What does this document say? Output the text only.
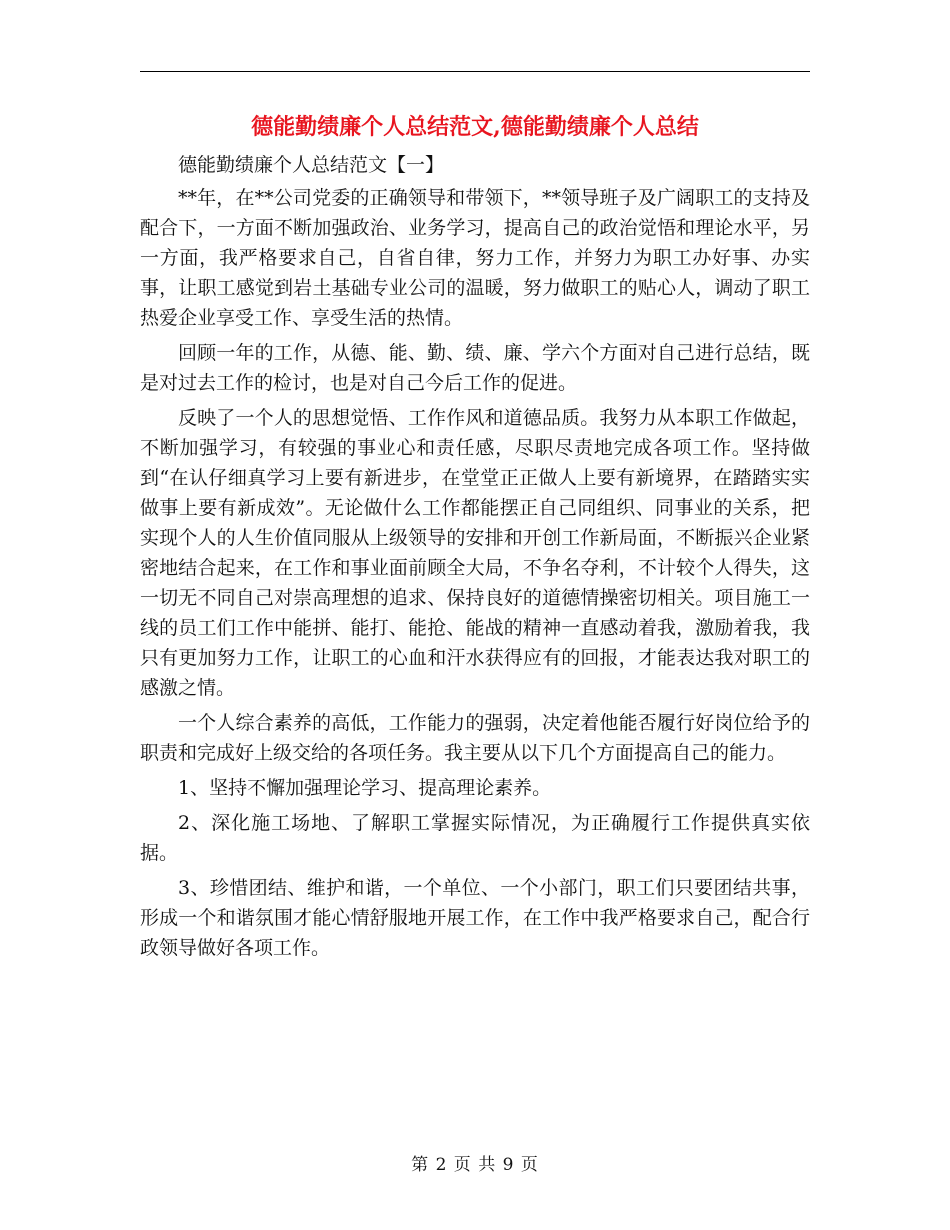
德能勤绩廉个人总结范文,德能勤绩廉个人总结

德能勤绩廉个人总结范文【一】

**年，在**公司党委的正确领导和带领下，**领导班子及广阔职工的支持及配合下，一方面不断加强政治、业务学习，提高自己的政治觉悟和理论水平，另一方面，我严格要求自己，自省自律，努力工作，并努力为职工办好事、办实事，让职工感觉到岩土基础专业公司的温暖，努力做职工的贴心人，调动了职工热爱企业享受工作、享受生活的热情。

回顾一年的工作，从德、能、勤、绩、廉、学六个方面对自己进行总结，既是对过去工作的检讨，也是对自己今后工作的促进。

反映了一个人的思想觉悟、工作作风和道德品质。我努力从本职工作做起，不断加强学习，有较强的事业心和责任感，尽职尽责地完成各项工作。坚持做到“在认仔细真学习上要有新进步，在堂堂正正做人上要有新境界，在踏踏实实做事上要有新成效”。无论做什么工作都能摆正自己同组织、同事业的关系，把实现个人的人生价值同服从上级领导的安排和开创工作新局面，不断振兴企业紧密地结合起来，在工作和事业面前顾全大局，不争名夺利，不计较个人得失，这一切无不同自己对崇高理想的追求、保持良好的道德情操密切相关。项目施工一线的员工们工作中能拼、能打、能抢、能战的精神一直感动着我，激励着我，我只有更加努力工作，让职工的心血和汗水获得应有的回报，才能表达我对职工的感激之情。

一个人综合素养的高低，工作能力的强弱，决定着他能否履行好岗位给予的职责和完成好上级交给的各项任务。我主要从以下几个方面提高自己的能力。

1、坚持不懈加强理论学习、提高理论素养。

2、深化施工场地、了解职工掌握实际情况，为正确履行工作提供真实依据。

3、珍惜团结、维护和谐，一个单位、一个小部门，职工们只要团结共事，形成一个和谐氛围才能心情舒服地开展工作，在工作中我严格要求自己，配合行政领导做好各项工作。

第 2 页 共 9 页
